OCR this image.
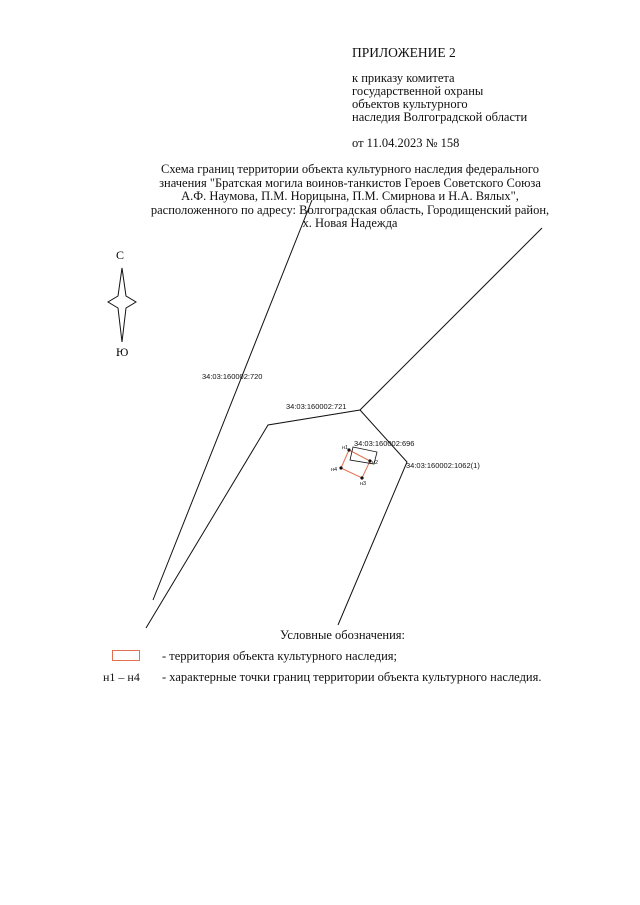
ПРИЛОЖЕНИЕ 2
к приказу комитета
государственной охраны
объектов культурного
наследия Волгоградской области
от 11.04.2023 № 158
Схема границ территории объекта культурного наследия федерального
значения "Братская могила воинов-танкистов Героев Советского Союза
А.Ф. Наумова, П.М. Норицына, П.М. Смирнова и Н.А. Вялых",
расположенного по адресу: Волгоградская область, Городищенский район,
х. Новая Надежда
С
Ю
34:03:160002:720
34:03:160002:721
34:03:160002:696
34:03:160002:1062(1)
н1
н2
н3
н4
Условные обозначения:
- территория объекта культурного наследия;
н1 – н4 - характерные точки границ территории объекта культурного наследия.
